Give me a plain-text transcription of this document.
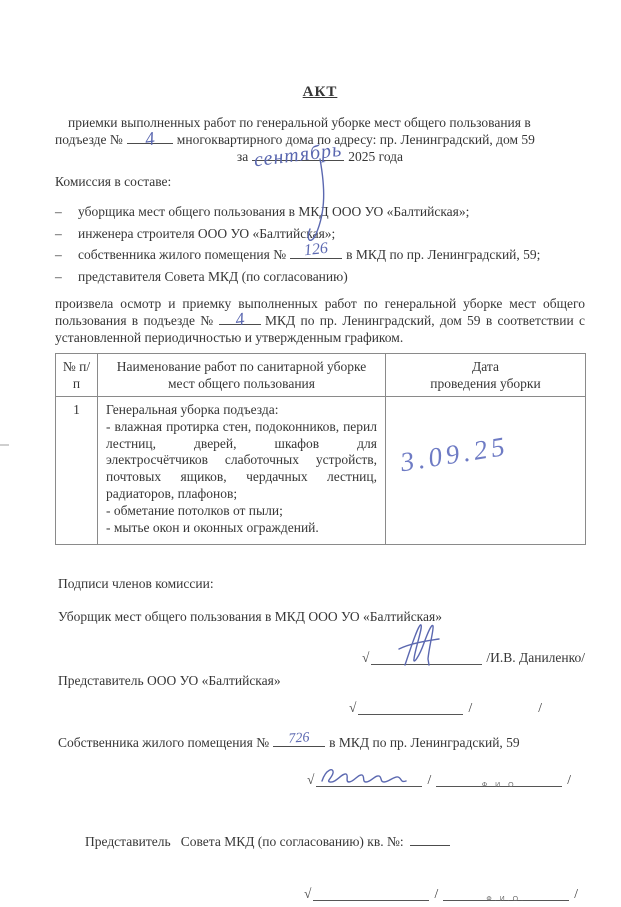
АКТ
приемки выполненных работ по генеральной уборке мест общего пользования в
подъезде № 4 многоквартирного дома по адресу: пр. Ленинградский, дом 59
за сентябрь 2025 года
Комиссия в составе:
–	уборщика мест общего пользования в МКД ООО УО «Балтийская»;
–	инженера строителя ООО УО «Балтийская»;
–	собственника жилого помещения № 126 в МКД по пр. Ленинградский, 59;
–	представителя Совета МКД (по согласованию)

произвела осмотр и приемку выполненных работ по генеральной уборке мест общего пользования в подъезде № 4 МКД по пр. Ленинградский, дом 59 в соответствии с установленной периодичностью и утвержденным графиком.

№ п/п	Наименование работ по санитарной уборке мест общего пользования	Дата
проведения уборки

1	Генеральная уборка подъезда:
- влажная протирка стен, подоконников, перил лестниц, дверей, шкафов для электросчётчиков слаботочных устройств, почтовых ящиков, чердачных лестниц, радиаторов, плафонов;
- обметание потолков от пыли;
- мытье окон и оконных ограждений.	3.09.25
Подписи членов комиссии:
Уборщик мест общего пользования в МКД ООО УО «Балтийская»
√	/И.В. Даниленко/
Представитель ООО УО «Балтийская»
√	/	/
Собственника жилого помещения № 726 в МКД по пр. Ленинградский, 59
√	/	Ф И О	/

Представитель   Совета МКД (по согласованию) кв. №:

√	/	Ф.И.О.	/
